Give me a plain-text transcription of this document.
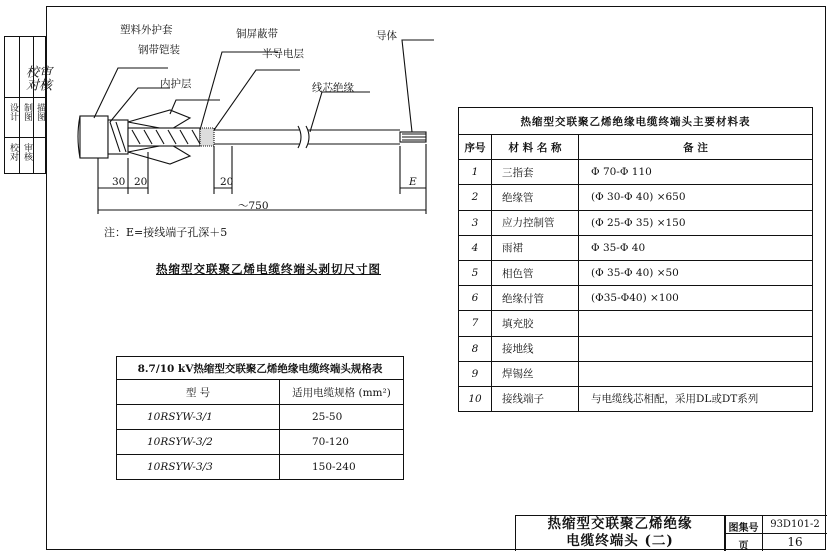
校对
审核
设计 制图 描图
校对 审核
塑料外护套
钢带铠装
铜屏蔽带
内护层
半导电层
线芯绝缘
导体
30 20	20	E
～750
注：E=接线端子孔深＋5
热缩型交联聚乙烯电缆终端头剥切尺寸图
热缩型交联聚乙烯绝缘电缆终端头主要材料表		
序号	材 料 名 称	备 注
1	三指套	Φ 70-Φ 110
2	绝缘管	(Φ 30-Φ 40) ×650
3	应力控制管	(Φ 25-Φ 35) ×150
4	雨裙	Φ 35-Φ 40
5	相色管	(Φ 35-Φ 40) ×50
6	绝缘付管	(Φ35-Φ40) ×100
7	填充胶	
8	接地线	
9	焊锡丝	
10	接线端子	与电缆线芯相配，采用DL或DT系列
8.7/10 kV热缩型交联聚乙烯绝缘电缆终端头规格表	
型 号	适用电缆规格 (mm²)
10RSYW-3/1	25-50
10RSYW-3/2	70-120
10RSYW-3/3	150-240
热缩型交联聚乙烯绝缘
电缆终端头 (二)
图集号	93D101-2
页	16
